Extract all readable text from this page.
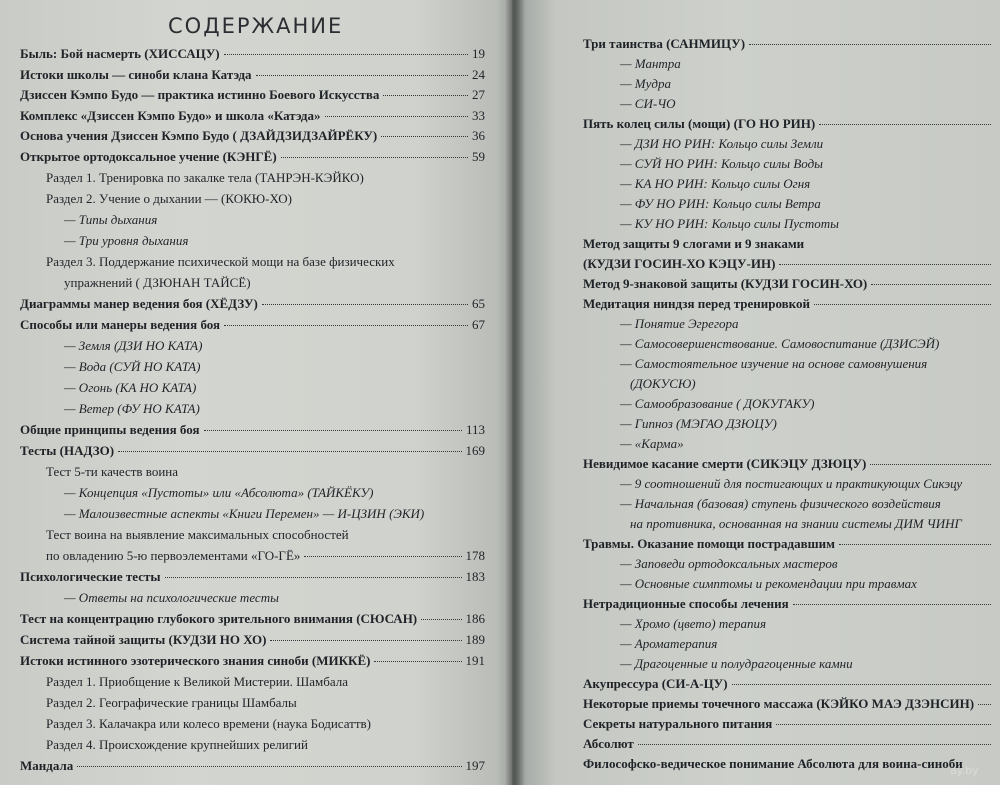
СОДЕРЖАНИЕ
Быль: Бой насмерть (ХИССАЦУ)	19
Истоки школы — синоби клана Катэда	24
Дзиссен Кэмпо Будо — практика истинно Боевого Искусства	27
Комплекс «Дзиссен Кэмпо Будо» и школа «Катэда»	33
Основа учения Дзиссен Кэмпо Будо ( ДЗАЙДЗИДЗАЙРЁКУ)	36
Открытое ортодоксальное учение (КЭНГЁ)	59
Раздел 1. Тренировка по закалке тела (ТАНРЭН-КЭЙКО)
Раздел 2. Учение о дыхании — (КОКЮ-ХО)
— Типы дыхания
— Три уровня дыхания
Раздел 3. Поддержание психической мощи на базе физических
упражнений ( ДЗЮНАН ТАЙСЁ)
Диаграммы манер ведения боя (ХЁДЗУ)	65
Способы или манеры ведения боя	67
— Земля (ДЗИ НО КАТА)
— Вода (СУЙ НО КАТА)
— Огонь (КА НО КАТА)
— Ветер (ФУ НО КАТА)
Общие принципы ведения боя	113
Тесты (НАДЗО)	169
Тест 5-ти качеств воина
— Концепция «Пустоты» или «Абсолюта» (ТАЙКЁКУ)
— Малоизвестные аспекты «Книги Перемен» — И-ЦЗИН (ЭКИ)
Тест воина на выявление максимальных способностей
по овладению 5-ю первоэлементами «ГО-ГЁ»	178
Психологические тесты	183
— Ответы на психологические тесты
Тест на концентрацию глубокого зрительного внимания (СЮСАН)	186
Система тайной защиты (КУДЗИ НО ХО)	189
Истоки истинного эзотерического знания синоби (МИККЁ)	191
Раздел 1. Приобщение к Великой Мистерии. Шамбала
Раздел 2. Географические границы Шамбалы
Раздел 3. Калачакра или колесо времени (наука Бодисаттв)
Раздел 4. Происхождение крупнейших религий
Мандала	197
Три таинства (САНМИЦУ)
— Мантра
— Мудра
— СИ-ЧО
Пять колец силы (мощи) (ГО НО РИН)
— ДЗИ НО РИН: Кольцо силы Земли
— СУЙ НО РИН: Кольцо силы Воды
— КА НО РИН: Кольцо силы Огня
— ФУ НО РИН: Кольцо силы Ветра
— КУ НО РИН: Кольцо силы Пустоты
Метод защиты 9 слогами и 9 знаками
(КУДЗИ ГОСИН-ХО КЭЦУ-ИН)
Метод 9-знаковой защиты (КУДЗИ ГОСИН-ХО)
Медитация ниндзя перед тренировкой
— Понятие Эгрегора
— Самосовершенствование. Самовоспитание (ДЗИСЭЙ)
— Самостоятельное изучение на основе самовнушения
(ДОКУСЮ)
— Самообразование ( ДОКУГАКУ)
— Гипноз (МЭГАО ДЗЮЦУ)
— «Карма»
Невидимое касание смерти (СИКЭЦУ ДЗЮЦУ)
— 9 соотношений для постигающих и практикующих Сикэцу
— Начальная (базовая) ступень физического воздействия
на противника, основанная на знании системы ДИМ ЧИНГ
Травмы. Оказание помощи пострадавшим
— Заповеди ортодоксальных мастеров
— Основные симптомы и рекомендации при травмах
Нетрадиционные способы лечения
— Хромо (цвето) терапия
— Ароматерапия
— Драгоценные и полудрагоценные камни
Акупрессура (СИ-А-ЦУ)
Некоторые приемы точечного массажа (КЭЙКО МАЭ ДЗЭНСИН)
Секреты натурального питания
Абсолют
Философско-ведическое понимание Абсолюта для воина-синоби
ay.by
